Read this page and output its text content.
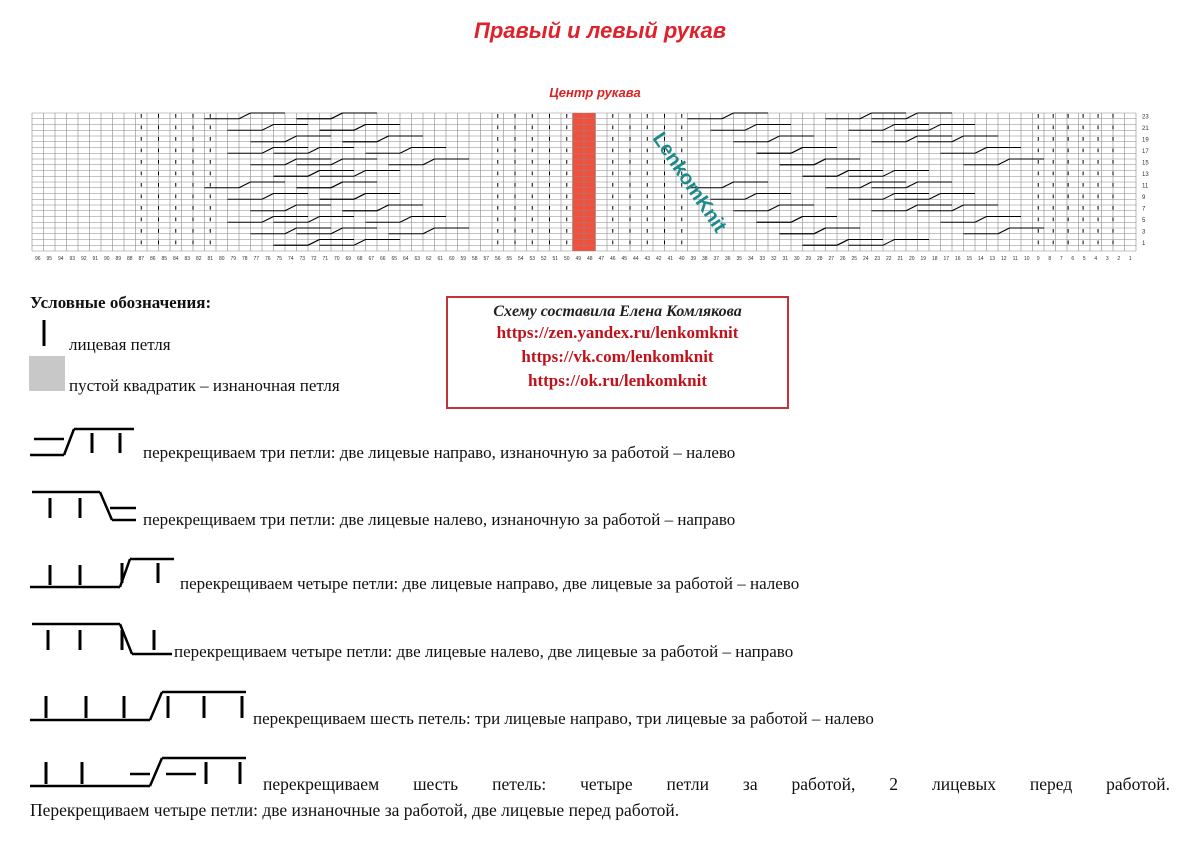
Правый и левый рукав
Центр рукава
23
21
19
17
15
13
11
9
7
5
3
1
96 95 94 93 92 91 90 89 88 87 86 85 84 83 82 81 80 79 78 77 76 75 74 73 72 71 70 69 68 67 66 65 64 63 62 61 60 59 58 57 56 55 54 53 52 51 50 49 48 47 46 45 44 43 42 41 40 39 38 37 36 35 34 33 32 31 30 29 28 27 26 25 24 23 22 21 20 19 18 17 16 15 14 13 12 11 10 9 8 7 6 5 4 3 2 1
LenkomKnit
Условные обозначения:
лицевая петля
пустой квадратик – изнаночная петля
перекрещиваем три петли: две лицевые направо, изнаночную за работой – налево
перекрещиваем три петли: две лицевые налево, изнаночную за работой – направо
перекрещиваем четыре петли: две лицевые направо, две лицевые за работой – налево
перекрещиваем четыре петли: две лицевые налево, две лицевые за работой – направо
перекрещиваем шесть петель: три лицевые направо, три лицевые за работой – налево
перекрещиваем шесть петель: четыре петли за работой, 2 лицевых перед работой.
Перекрещиваем четыре петли: две изнаночные за работой, две лицевые перед работой.
Схему составила Елена Комлякова
https://zen.yandex.ru/lenkomknit
https://vk.com/lenkomknit
https://ok.ru/lenkomknit
